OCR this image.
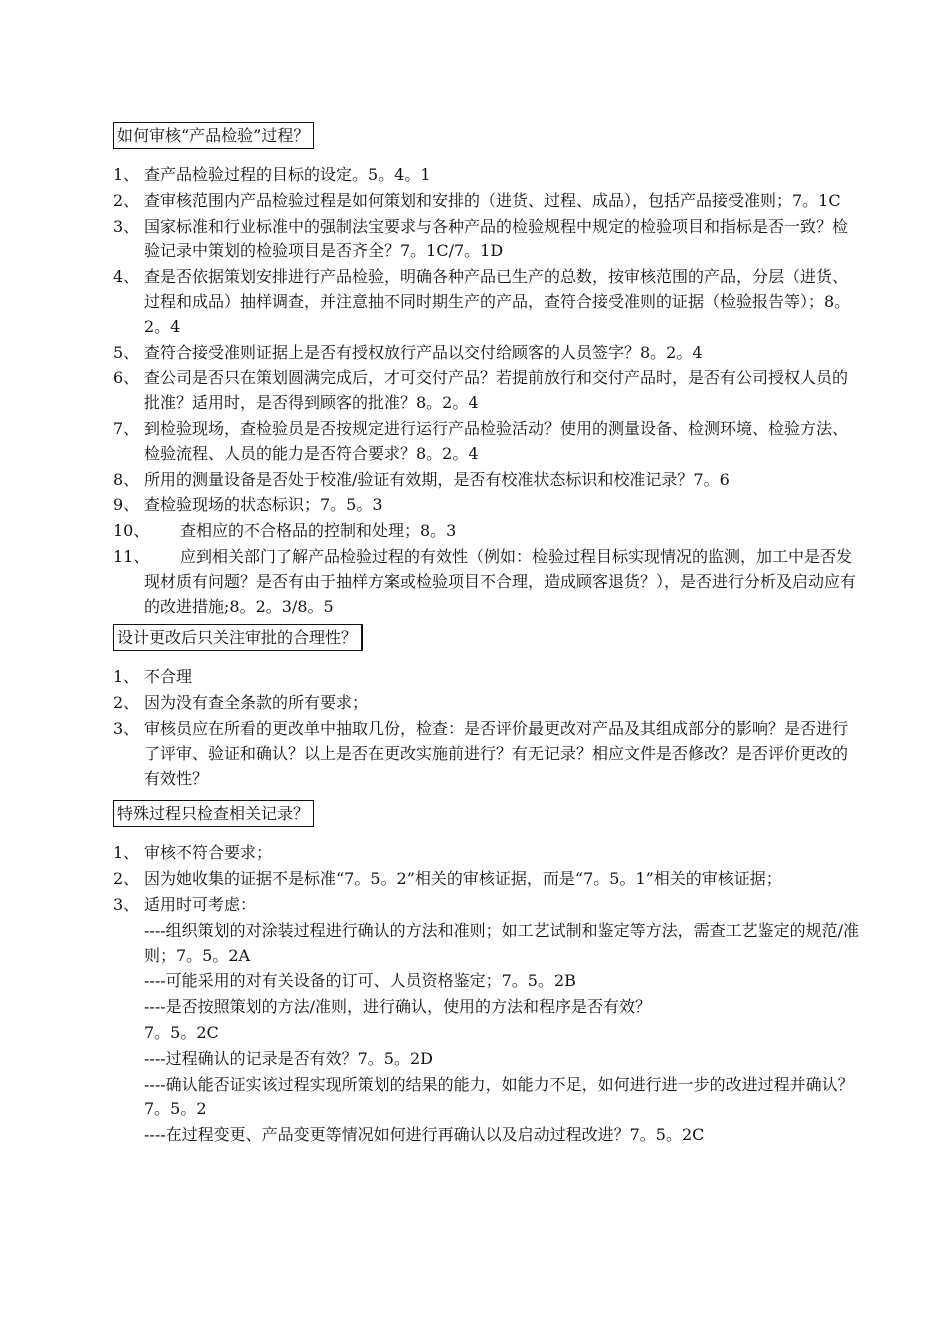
如何审核“产品检验”过程？
1、 查产品检验过程的目标的设定。5。4。1
2、 查审核范围内产品检验过程是如何策划和安排的（进货、过程、成品），包括产品接受准则；7。1C
3、 国家标准和行业标准中的强制法宝要求与各种产品的检验规程中规定的检验项目和指标是否一致？检验记录中策划的检验项目是否齐全？7。1C/7。1D
4、 查是否依据策划安排进行产品检验，明确各种产品已生产的总数，按审核范围的产品，分层（进货、过程和成品）抽样调查，并注意抽不同时期生产的产品，查符合接受准则的证据（检验报告等）；8。2。4
5、 查符合接受准则证据上是否有授权放行产品以交付给顾客的人员签字？8。2。4
6、 查公司是否只在策划圆满完成后，才可交付产品？若提前放行和交付产品时，是否有公司授权人员的批准？适用时，是否得到顾客的批准？8。2。4
7、 到检验现场，查检验员是否按规定进行运行产品检验活动？使用的测量设备、检测环境、检验方法、检验流程、人员的能力是否符合要求？8。2。4
8、 所用的测量设备是否处于校准/验证有效期，是否有校准状态标识和校准记录？7。6
9、 查检验现场的状态标识；7。5。3
10、 查相应的不合格品的控制和处理；8。3
11、	应到相关部门了解产品检验过程的有效性（例如：检验过程目标实现情况的监测，加工中是否发现材质有问题？是否有由于抽样方案或检验项目不合理，造成顾客退货？），是否进行分析及启动应有的改进措施;8。2。3/8。5
设计更改后只关注审批的合理性？
1、 不合理
2、 因为没有查全条款的所有要求；
3、 审核员应在所看的更改单中抽取几份，检查：是否评价最更改对产品及其组成部分的影响？是否进行了评审、验证和确认？以上是否在更改实施前进行？有无记录？相应文件是否修改？是否评价更改的有效性？
特殊过程只检查相关记录？
1、 审核不符合要求；
2、 因为她收集的证据不是标准“7。5。2”相关的审核证据，而是“7。5。1”相关的审核证据；
3、 适用时可考虑：
----组织策划的对涂装过程进行确认的方法和准则；如工艺试制和鉴定等方法，需查工艺鉴定的规范/准则；7。5。2A
----可能采用的对有关设备的订可、人员资格鉴定；7。5。2B
----是否按照策划的方法/准则，进行确认，使用的方法和程序是否有效？
7。5。2C
----过程确认的记录是否有效？7。5。2D
----确认能否证实该过程实现所策划的结果的能力，如能力不足，如何进行进一步的改进过程并确认？7。5。2
----在过程变更、产品变更等情况如何进行再确认以及启动过程改进？7。5。2C
